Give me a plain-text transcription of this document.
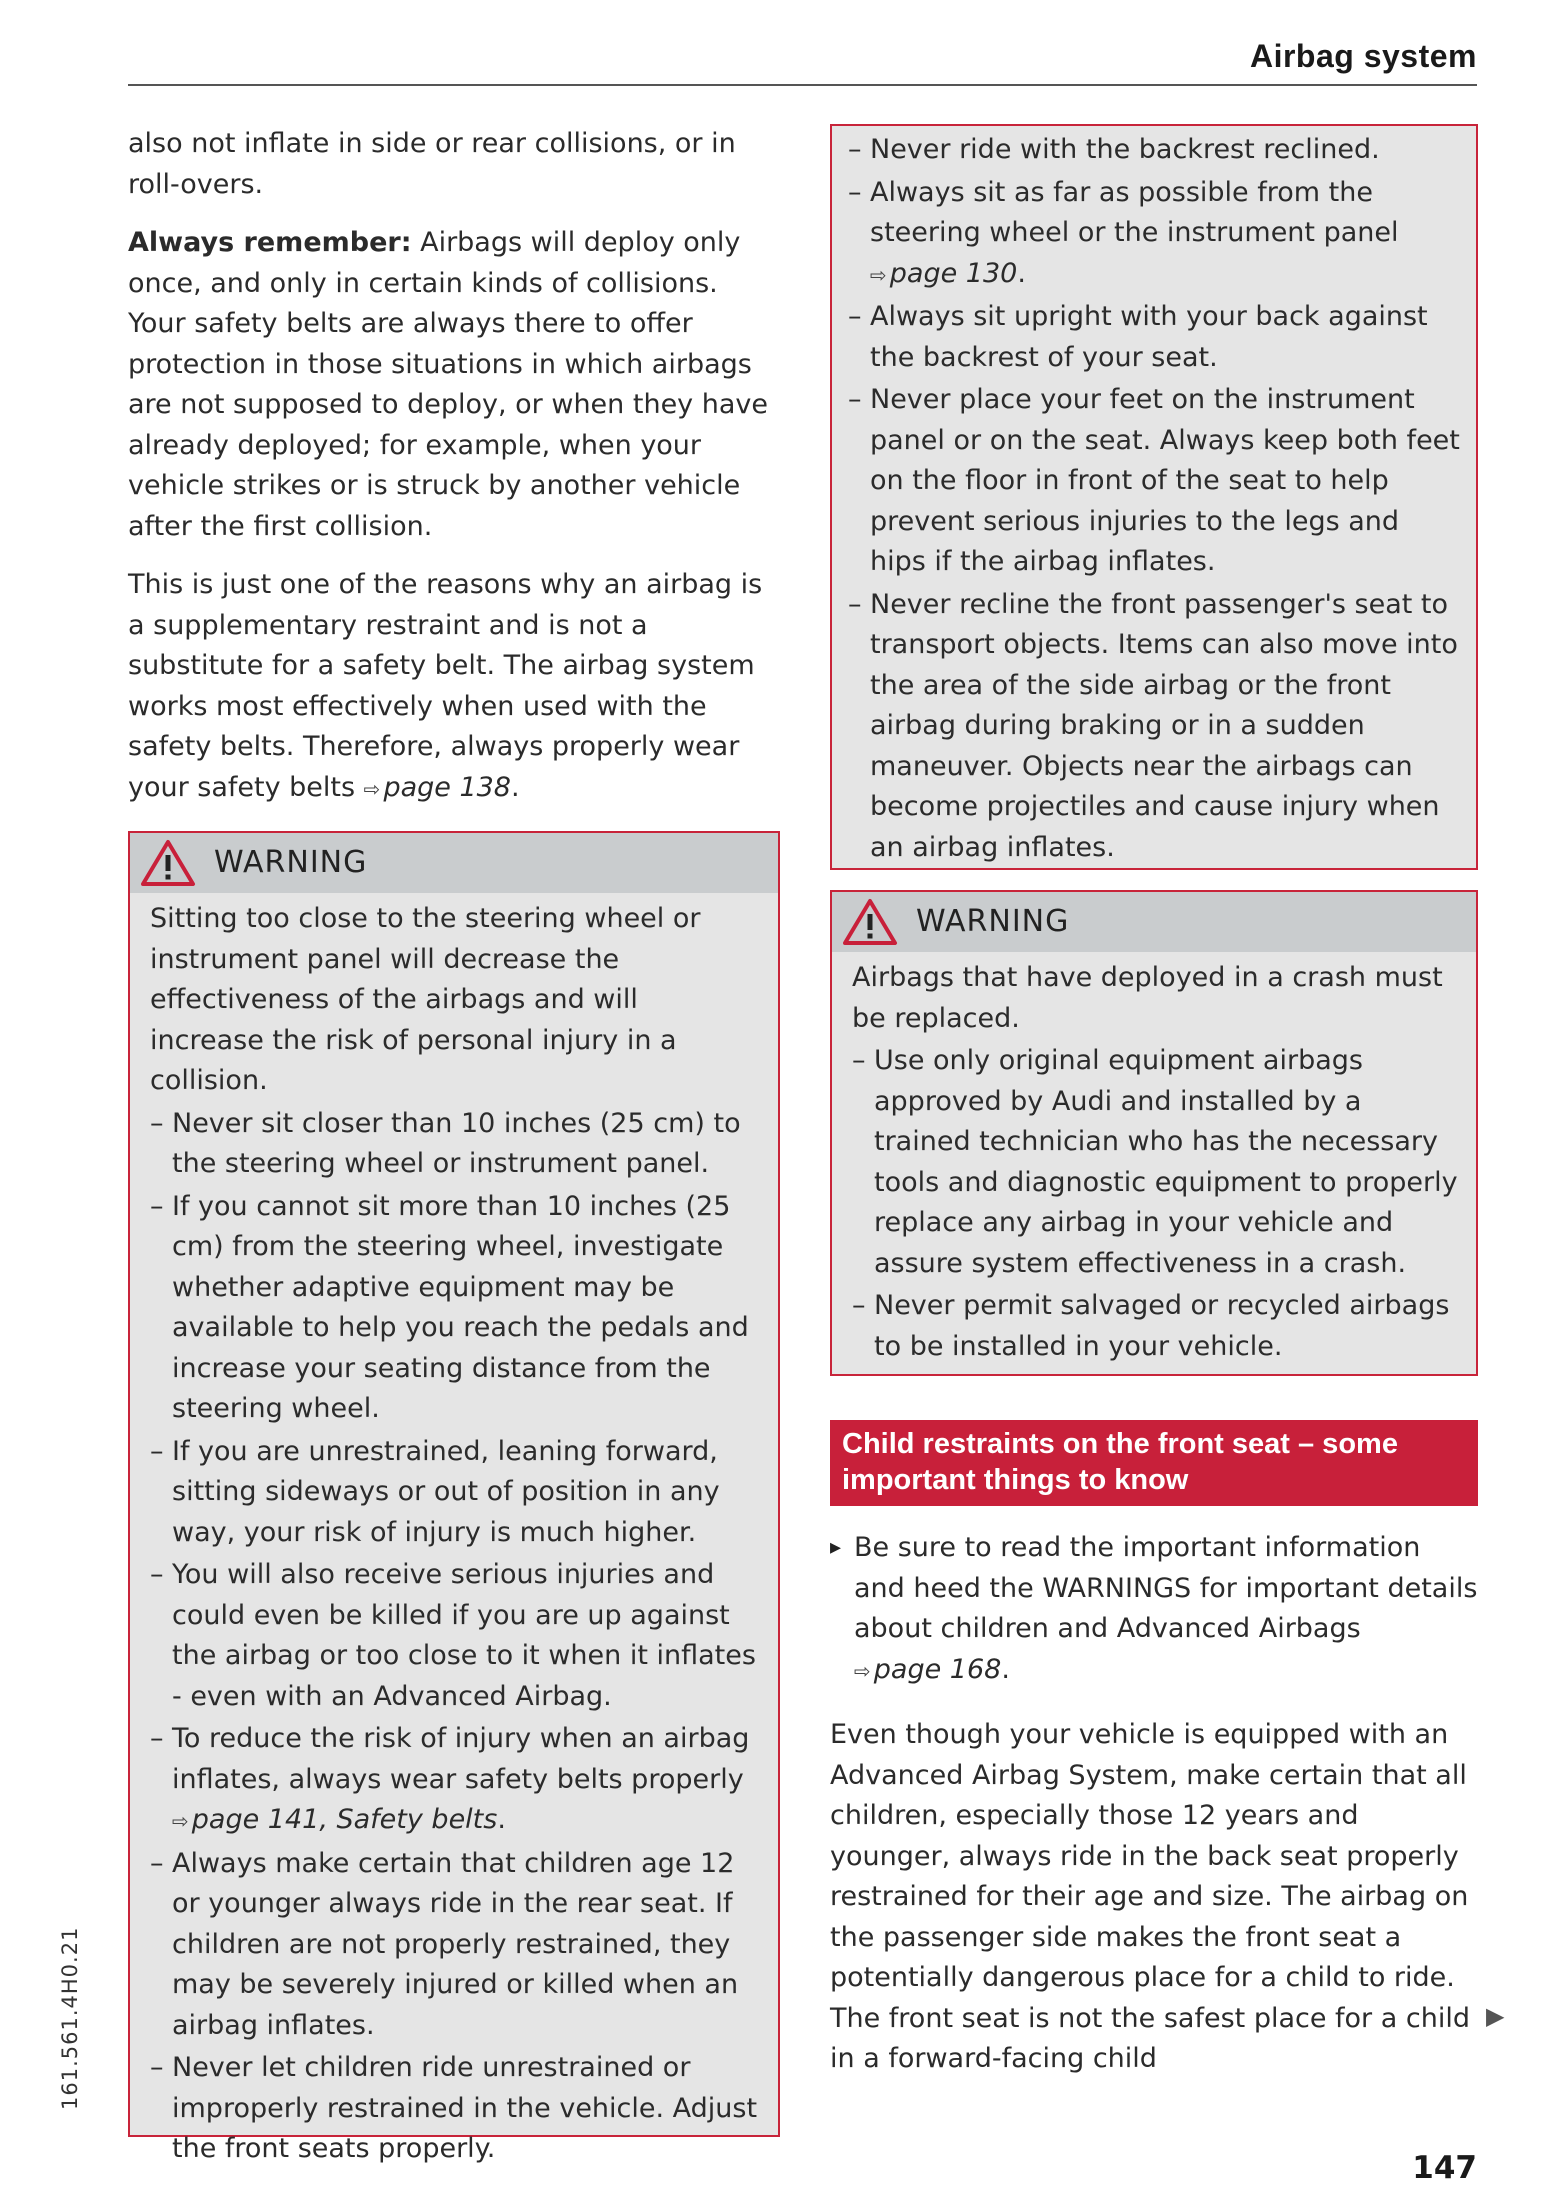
Airbag system
161.561.4H0.21

also not inflate in side or rear collisions, or in roll-overs.

Always remember: Airbags will deploy only once, and only in certain kinds of collisions. Your safety belts are always there to offer protection in those situations in which airbags are not supposed to deploy, or when they have already deployed; for example, when your vehicle strikes or is struck by another vehicle after the first collision.

This is just one of the reasons why an airbag is a supplementary restraint and is not a substitute for a safety belt. The airbag system works most effectively when used with the safety belts. Therefore, always properly wear your safety belts ⇨ page 138.

WARNING

Sitting too close to the steering wheel or instrument panel will decrease the effectiveness of the airbags and will increase the risk of personal injury in a collision.

– Never sit closer than 10 inches (25 cm) to the steering wheel or instrument panel.
– If you cannot sit more than 10 inches (25 cm) from the steering wheel, investigate whether adaptive equipment may be available to help you reach the pedals and increase your seating distance from the steering wheel.
– If you are unrestrained, leaning forward, sitting sideways or out of position in any way, your risk of injury is much higher.
– You will also receive serious injuries and could even be killed if you are up against the airbag or too close to it when it inflates - even with an Advanced Airbag.
– To reduce the risk of injury when an airbag inflates, always wear safety belts properly ⇨ page 141, Safety belts.
– Always make certain that children age 12 or younger always ride in the rear seat. If children are not properly restrained, they may be severely injured or killed when an airbag inflates.
– Never let children ride unrestrained or improperly restrained in the vehicle. Adjust the front seats properly.
– Never ride with the backrest reclined.
– Always sit as far as possible from the steering wheel or the instrument panel ⇨ page 130.
– Always sit upright with your back against the backrest of your seat.
– Never place your feet on the instrument panel or on the seat. Always keep both feet on the floor in front of the seat to help prevent serious injuries to the legs and hips if the airbag inflates.
– Never recline the front passenger's seat to transport objects. Items can also move into the area of the side airbag or the front airbag during braking or in a sudden maneuver. Objects near the airbags can become projectiles and cause injury when an airbag inflates.
WARNING

Airbags that have deployed in a crash must be replaced.

– Use only original equipment airbags approved by Audi and installed by a trained technician who has the necessary tools and diagnostic equipment to properly replace any airbag in your vehicle and assure system effectiveness in a crash.
– Never permit salvaged or recycled airbags to be installed in your vehicle.
Child restraints on the front seat – some important things to know

▸ Be sure to read the important information and heed the WARNINGS for important details about children and Advanced Airbags ⇨ page 168.

Even though your vehicle is equipped with an Advanced Airbag System, make certain that all children, especially those 12 years and younger, always ride in the back seat properly restrained for their age and size. The airbag on the passenger side makes the front seat a potentially dangerous place for a child to ride. The front seat is not the safest place for a child in a forward-facing child

▶
147
